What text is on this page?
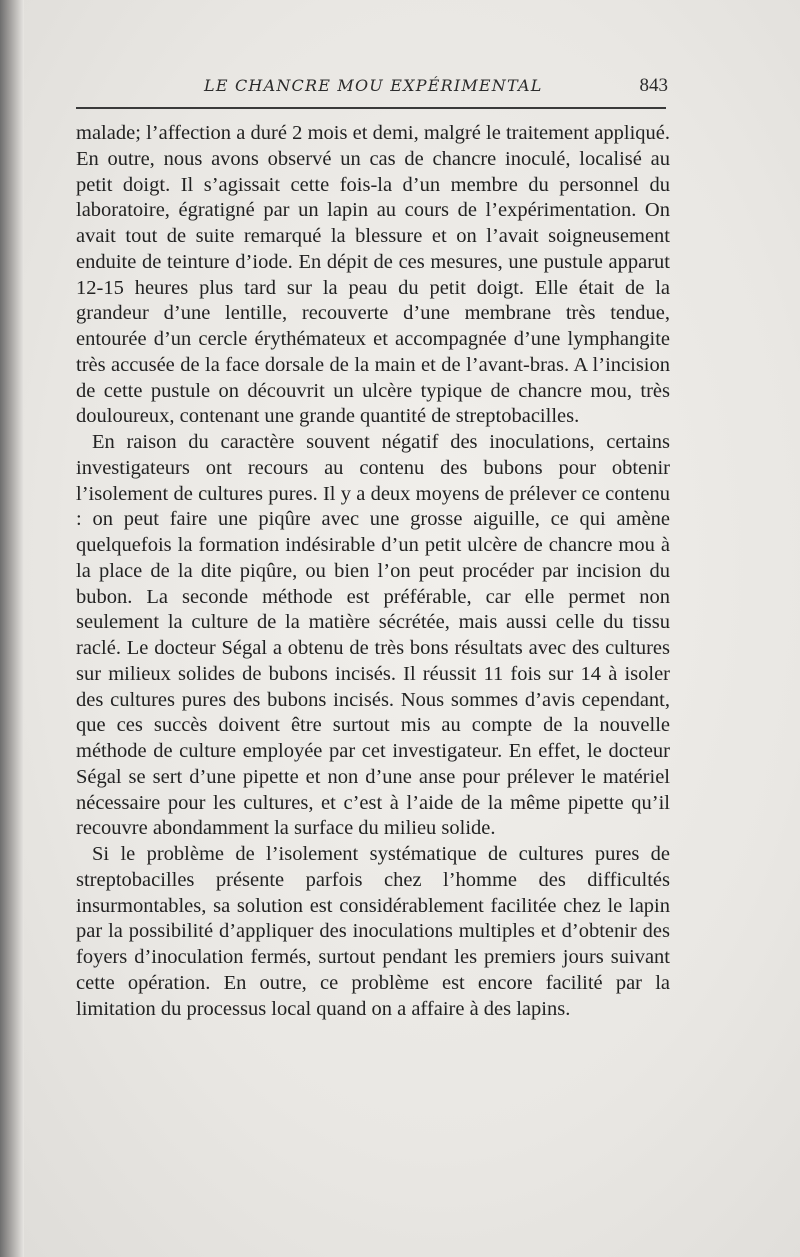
LE CHANCRE MOU EXPÉRIMENTAL	843

malade; l’affection a duré 2 mois et demi, malgré le traitement appliqué. En outre, nous avons observé un cas de chancre inoculé, localisé au petit doigt. Il s’agissait cette fois-la d’un membre du personnel du laboratoire, égratigné par un lapin au cours de l’expérimentation. On avait tout de suite remarqué la blessure et on l’avait soigneusement enduite de teinture d’iode. En dépit de ces mesures, une pustule apparut 12-15 heures plus tard sur la peau du petit doigt. Elle était de la grandeur d’une lentille, recouverte d’une membrane très tendue, entourée d’un cercle érythémateux et accompagnée d’une lymphangite très accusée de la face dorsale de la main et de l’avant-bras. A l’incision de cette pustule on découvrit un ulcère typique de chancre mou, très douloureux, contenant une grande quantité de streptobacilles.

En raison du caractère souvent négatif des inoculations, certains investigateurs ont recours au contenu des bubons pour obtenir l’isolement de cultures pures. Il y a deux moyens de prélever ce contenu : on peut faire une piqûre avec une grosse aiguille, ce qui amène quelquefois la formation indésirable d’un petit ulcère de chancre mou à la place de la dite piqûre, ou bien l’on peut procéder par incision du bubon. La seconde méthode est préférable, car elle permet non seulement la culture de la matière sécrétée, mais aussi celle du tissu raclé. Le docteur Ségal a obtenu de très bons résultats avec des cultures sur milieux solides de bubons incisés. Il réussit 11 fois sur 14 à isoler des cultures pures des bubons incisés. Nous sommes d’avis cependant, que ces succès doivent être surtout mis au compte de la nouvelle méthode de culture employée par cet investigateur. En effet, le docteur Ségal se sert d’une pipette et non d’une anse pour prélever le matériel nécessaire pour les cultures, et c’est à l’aide de la même pipette qu’il recouvre abondamment la surface du milieu solide.

Si le problème de l’isolement systématique de cultures pures de streptobacilles présente parfois chez l’homme des difficultés insurmontables, sa solution est considérablement facilitée chez le lapin par la possibilité d’appliquer des inoculations multiples et d’obtenir des foyers d’inoculation fermés, surtout pendant les premiers jours suivant cette opération. En outre, ce problème est encore facilité par la limitation du processus local quand on a affaire à des lapins.
